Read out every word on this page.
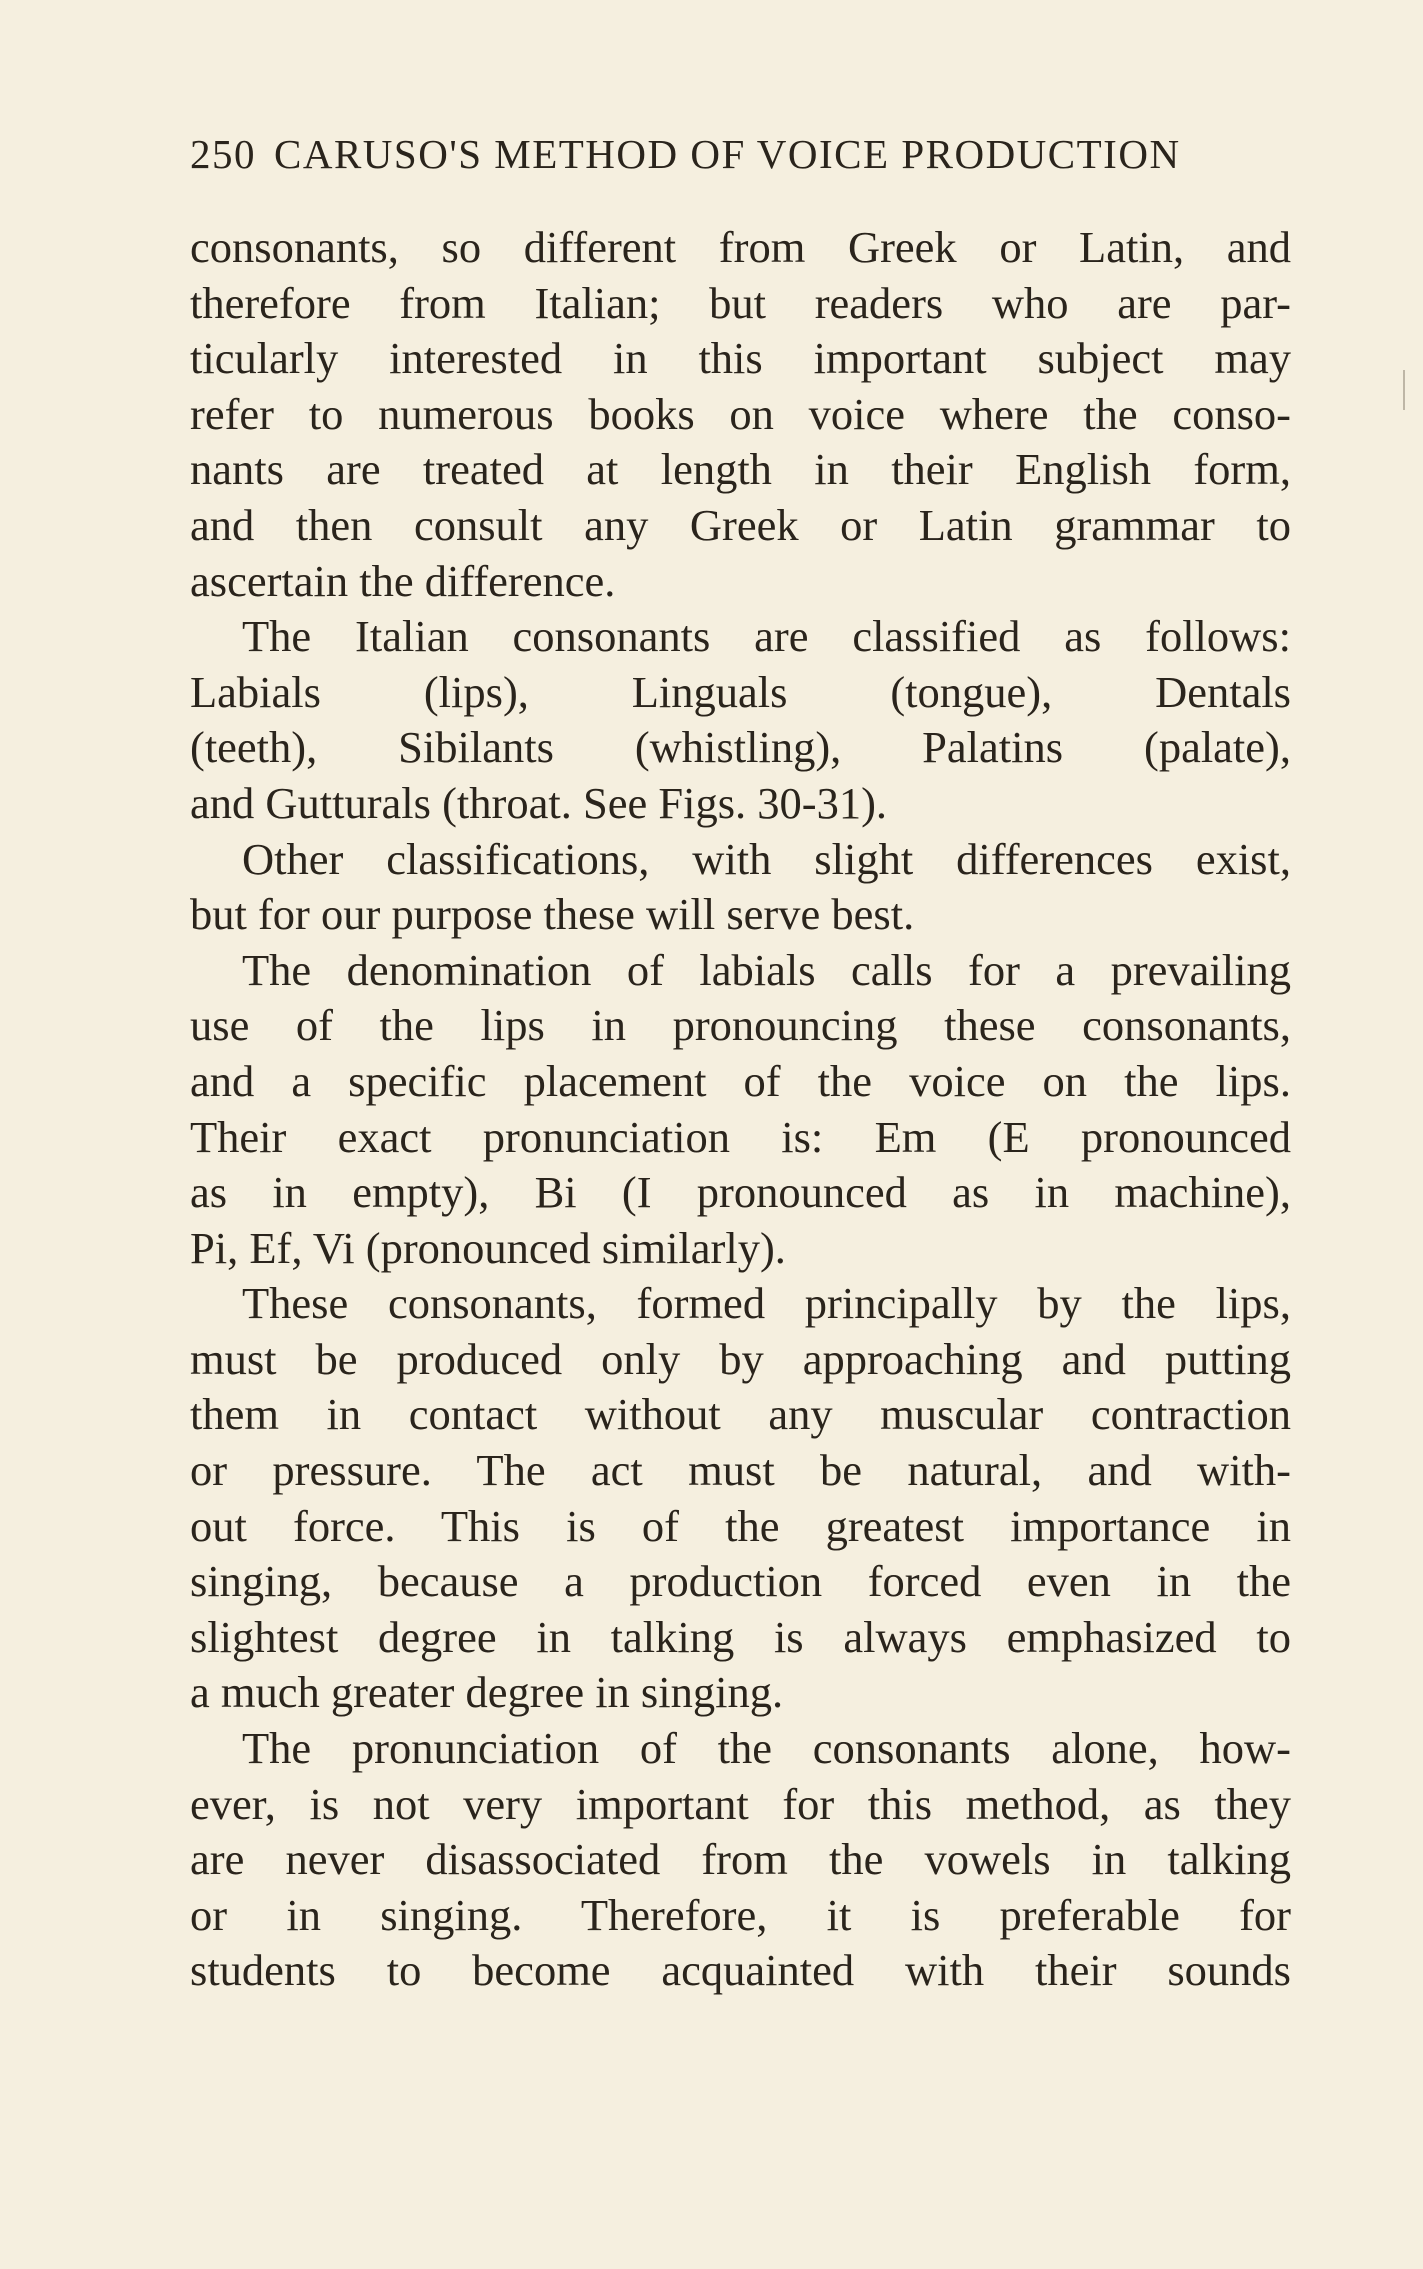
250 CARUSO'S METHOD OF VOICE PRODUCTION
consonants, so different from Greek or Latin, and
therefore from Italian; but readers who are par-
ticularly interested in this important subject may
refer to numerous books on voice where the conso-
nants are treated at length in their English form,
and then consult any Greek or Latin grammar to
ascertain the difference.
The Italian consonants are classified as follows:
Labials (lips), Linguals (tongue), Dentals
(teeth), Sibilants (whistling), Palatins (palate),
and Gutturals (throat. See Figs. 30-31).
Other classifications, with slight differences exist,
but for our purpose these will serve best.
The denomination of labials calls for a prevailing
use of the lips in pronouncing these consonants,
and a specific placement of the voice on the lips.
Their exact pronunciation is: Em (E pronounced
as in empty), Bi (I pronounced as in machine),
Pi, Ef, Vi (pronounced similarly).
These consonants, formed principally by the lips,
must be produced only by approaching and putting
them in contact without any muscular contraction
or pressure. The act must be natural, and with-
out force. This is of the greatest importance in
singing, because a production forced even in the
slightest degree in talking is always emphasized to
a much greater degree in singing.
The pronunciation of the consonants alone, how-
ever, is not very important for this method, as they
are never disassociated from the vowels in talking
or in singing. Therefore, it is preferable for
students to become acquainted with their sounds
